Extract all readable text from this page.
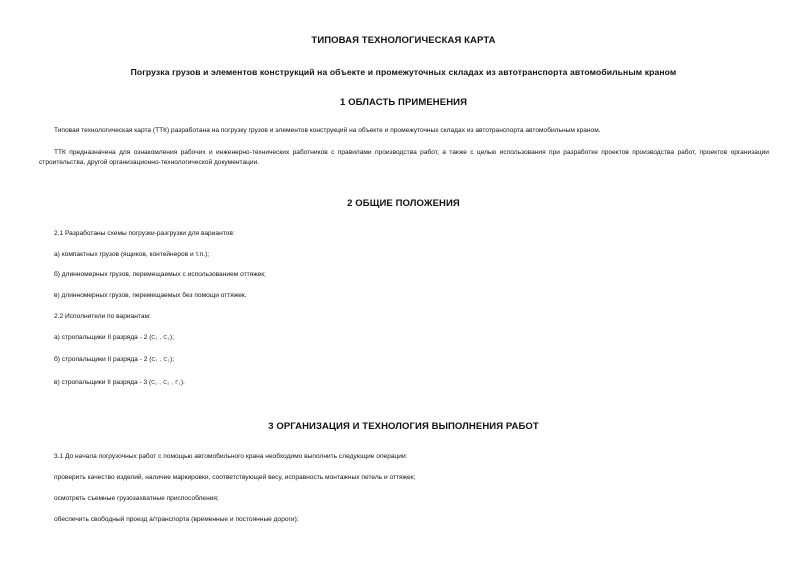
ТИПОВАЯ ТЕХНОЛОГИЧЕСКАЯ КАРТА
Погрузка грузов и элементов конструкций на объекте и промежуточных складах из автотранспорта автомобильным краном
1 ОБЛАСТЬ ПРИМЕНЕНИЯ
Типовая технологическая карта (ТТК) разработана на погрузку грузов и элементов конструкций на объекте и промежуточных складах из автотранспорта автомобильным краном.
ТТК предназначена для ознакомления рабочих и инженерно-технических работников с правилами производства работ, а также с целью использования при разработке проектов производства работ, проектов организации строительства, другой организационно-технологической документации.
2 ОБЩИЕ ПОЛОЖЕНИЯ
2.1 Разработаны схемы погрузки-разгрузки для вариантов:
а) компактных грузов (ящиков, контейнеров и т.п.);
б) длинномерных грузов, перемещаемых с использованием оттяжек;
в) длинномерных грузов, перемещаемых без помощи оттяжек.
2.2 Исполнители по вариантам:
а) стропальщики II разряда - 2 (С₁ , С₂);
б) стропальщики II разряда - 2 (С₁ , С₂);
в) стропальщики II разряда - 3 (С₁ , С₂ , Г₁).
3 ОРГАНИЗАЦИЯ И ТЕХНОЛОГИЯ ВЫПОЛНЕНИЯ РАБОТ
3.1 До начала погрузочных работ с помощью автомобильного крана необходимо выполнить следующие операции:
проверить качество изделий, наличие маркировки, соответствующей весу, исправность монтажных петель и оттяжек;
осмотреть съемные грузозахватные приспособления;
обеспечить свободный проезд а/транспорта (временные и постоянные дороги);
